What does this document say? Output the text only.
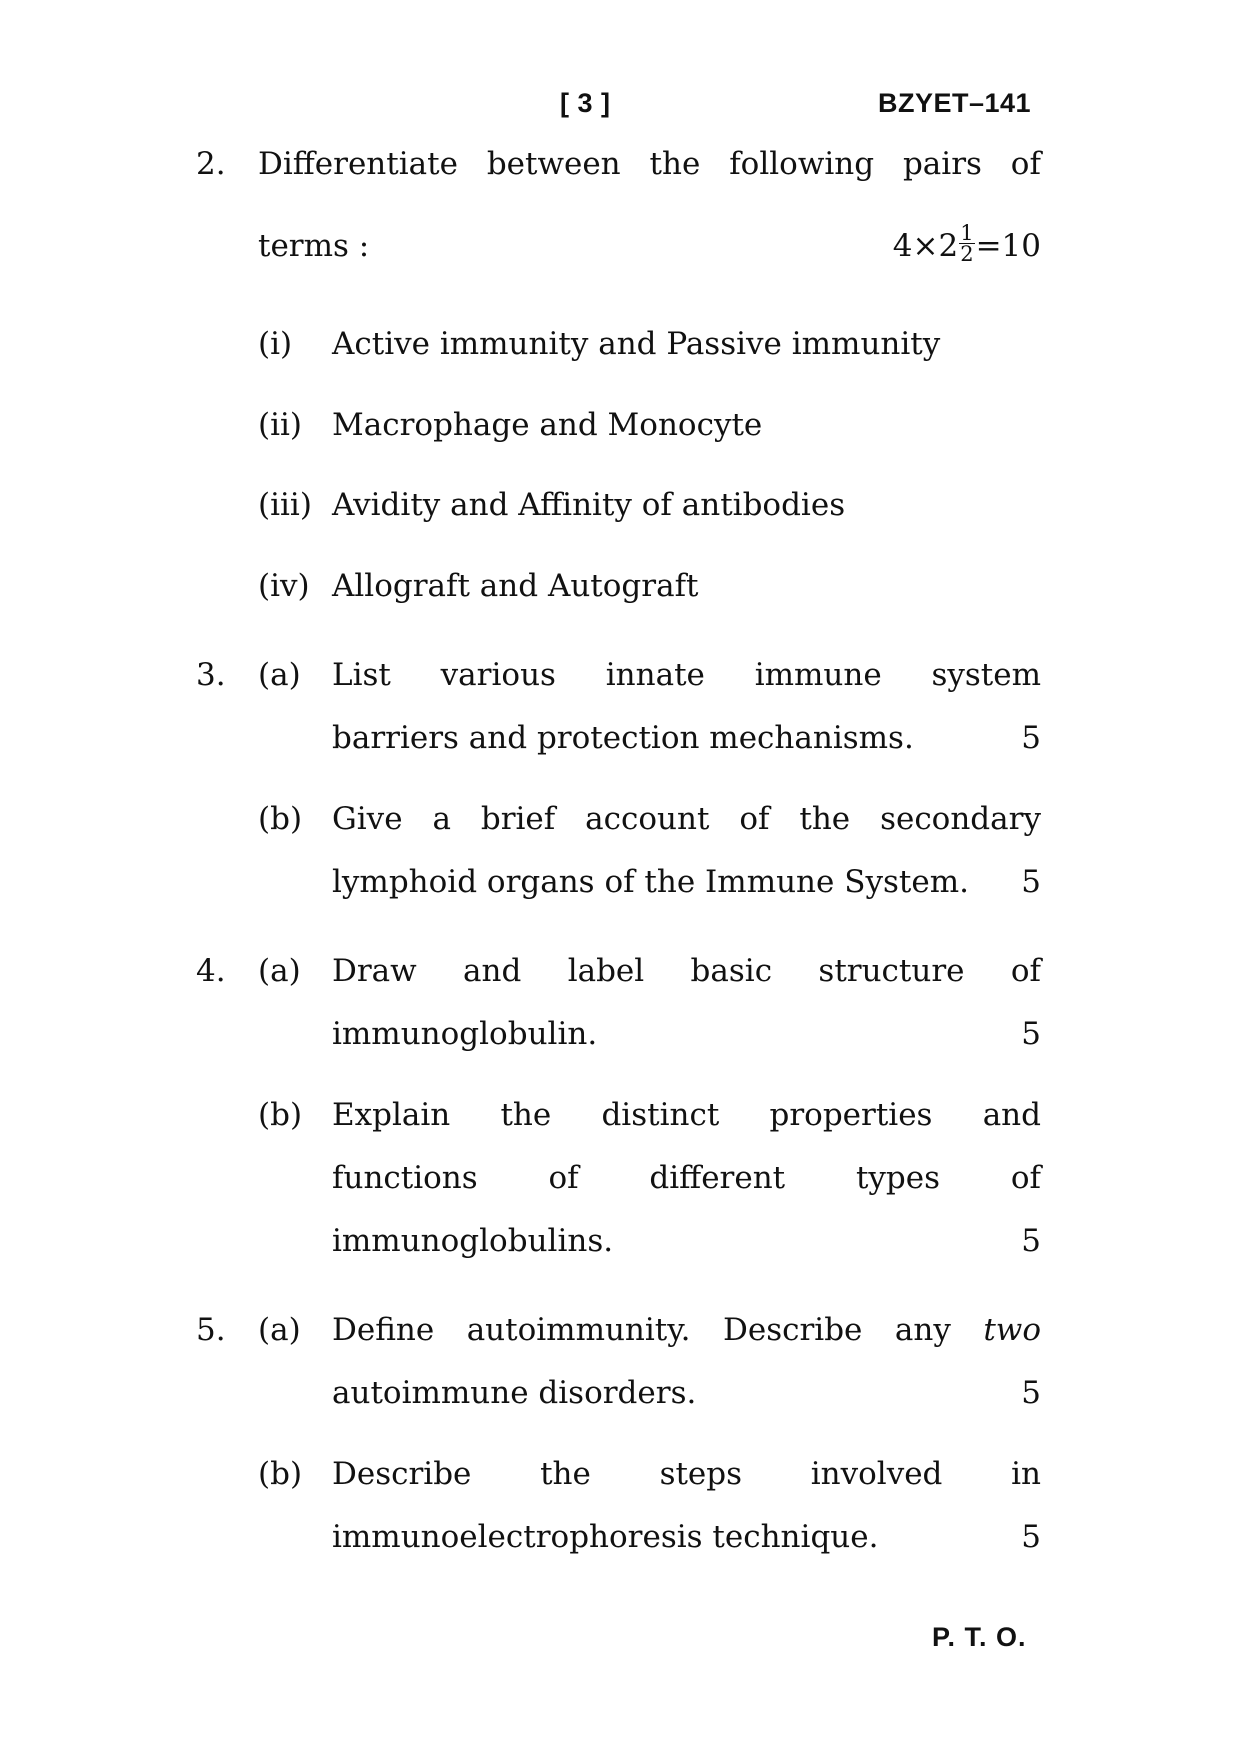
[ 3 ]	BZYET–141
2. Differentiate between the following pairs of
terms :	$4\times 2 \frac{1}{2} =10$
(i) Active immunity and Passive immunity
(ii) Macrophage and Monocyte
(iii) Avidity and Affinity of antibodies
(iv) Allograft and Autograft
3. (a) List various innate immune system
barriers and protection mechanisms.	5
(b) Give a brief account of the secondary
lymphoid organs of the Immune System. 5
4. (a) Draw and label basic structure of
immunoglobulin.	5
(b) Explain the distinct properties and
functions of different types of
immunoglobulins.	5
5. (a) Define autoimmunity. Describe any two
autoimmune disorders.	5
(b) Describe the steps involved in
immunoelectrophoresis technique.	5
P. T. O.
